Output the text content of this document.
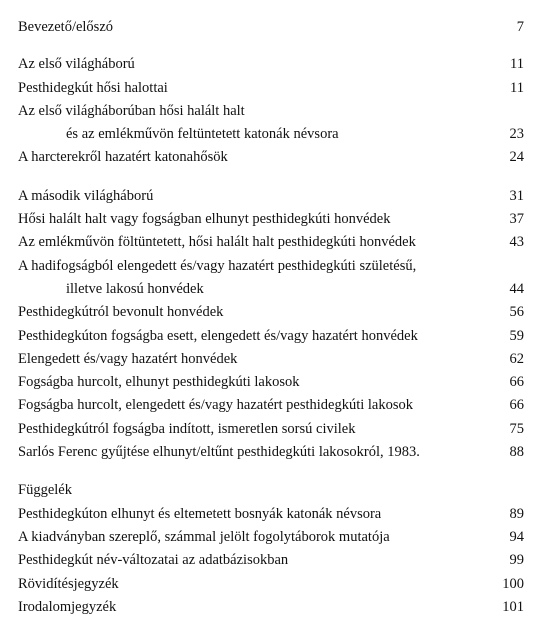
Bevezető/előszó	7
Az első világháború	11
Pesthidegkút hősi halottai	11
Az első világháborúban hősi halált halt
és az emlékművön feltüntetett katonák névsora	23
A harcterekről hazatért katonahősök	24
A második világháború	31
Hősi halált halt vagy fogságban elhunyt pesthidegkúti honvédek	37
Az emlékművön föltüntetett, hősi halált halt pesthidegkúti honvédek	43
A hadifogságból elengedett és/vagy hazatért pesthidegkúti születésű,
illetve lakosú honvédek	44
Pesthidegkútról bevonult honvédek	56
Pesthidegkúton fogságba esett, elengedett és/vagy hazatért honvédek	59
Elengedett és/vagy hazatért honvédek	62
Fogságba hurcolt, elhunyt pesthidegkúti lakosok	66
Fogságba hurcolt, elengedett és/vagy hazatért pesthidegkúti lakosok	66
Pesthidegkútról fogságba indított, ismeretlen sorsú civilek	75
Sarlós Ferenc gyűjtése elhunyt/eltűnt pesthidegkúti lakosokról, 1983.	88
Függelék
Pesthidegkúton elhunyt és eltemetett bosnyák katonák névsora	89
A kiadványban szereplő, számmal jelölt fogolytáborok mutatója	94
Pesthidegkút név-változatai az adatbázisokban	99
Rövidítésjegyzék	100
Irodalomjegyzék	101
